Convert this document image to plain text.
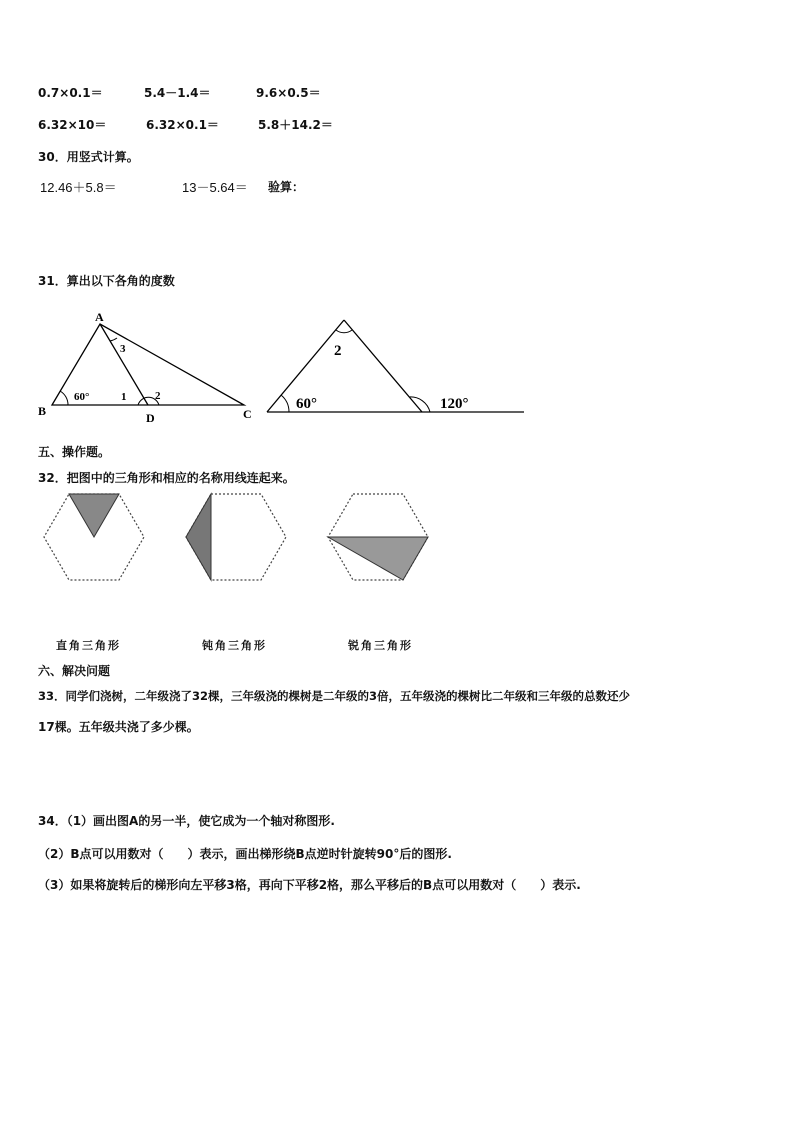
0.7×0.1＝	5.4－1.4＝	9.6×0.5＝
6.32×10＝	6.32×0.1＝	5.8＋14.2＝
30．用竖式计算。
12.46＋5.8＝	13－5.64＝ 验算：
31．算出以下各角的度数
A
B	C
D
60°	1	2
3	2
60°	120°
五、操作题。
32．把图中的三角形和相应的名称用线连起来。
直角三角形	钝角三角形	锐角三角形
六、解决问题
33．同学们浇树，二年级浇了32棵，三年级浇的棵树是二年级的3倍，五年级浇的棵树比二年级和三年级的总数还少
17棵。五年级共浇了多少棵。
34．（1）画出图A的另一半，使它成为一个轴对称图形.
（2）B点可以用数对（　　）表示，画出梯形绕B点逆时针旋转90°后的图形.
（3）如果将旋转后的梯形向左平移3格，再向下平移2格，那么平移后的B点可以用数对（　　）表示.
